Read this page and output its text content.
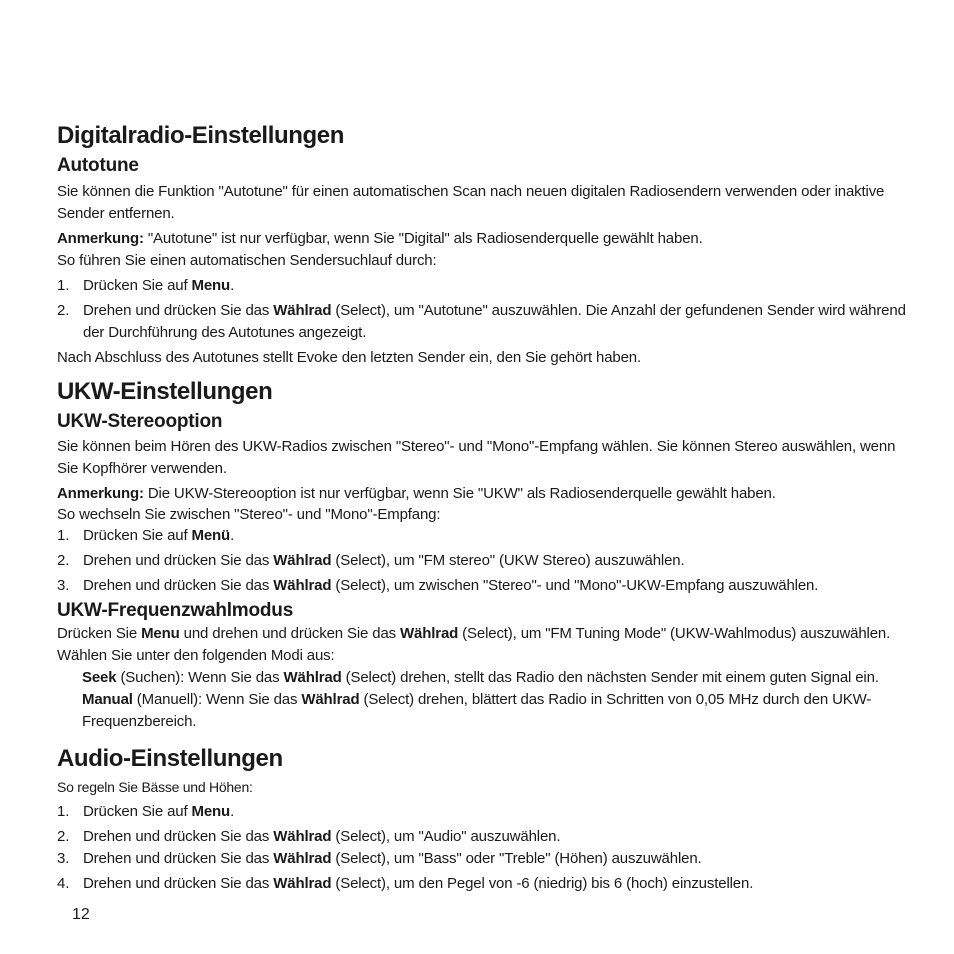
Digitalradio-Einstellungen
Autotune

Sie können die Funktion "Autotune" für einen automatischen Scan nach neuen digitalen Radiosendern verwenden oder inaktive Sender entfernen.

Anmerkung: "Autotune" ist nur verfügbar, wenn Sie "Digital" als Radiosenderquelle gewählt haben.

So führen Sie einen automatischen Sendersuchlauf durch:

1. Drücken Sie auf Menu.
2. Drehen und drücken Sie das Wählrad (Select), um "Autotune" auszuwählen. Die Anzahl der gefundenen Sender wird während der Durchführung des Autotunes angezeigt.

Nach Abschluss des Autotunes stellt Evoke den letzten Sender ein, den Sie gehört haben.

UKW-Einstellungen
UKW-Stereooption

Sie können beim Hören des UKW-Radios zwischen "Stereo"- und "Mono"-Empfang wählen. Sie können Stereo auswählen, wenn Sie Kopfhörer verwenden.

Anmerkung: Die UKW-Stereooption ist nur verfügbar, wenn Sie "UKW" als Radiosenderquelle gewählt haben.

So wechseln Sie zwischen "Stereo"- und "Mono"-Empfang:

1. Drücken Sie auf Menü.
2. Drehen und drücken Sie das Wählrad (Select), um "FM stereo" (UKW Stereo) auszuwählen.
3. Drehen und drücken Sie das Wählrad (Select), um zwischen "Stereo"- und "Mono"-UKW-Empfang auszuwählen.
UKW-Frequenzwahlmodus

Drücken Sie Menu und drehen und drücken Sie das Wählrad (Select), um "FM Tuning Mode" (UKW-Wahlmodus) auszuwählen. Wählen Sie unter den folgenden Modi aus:

Seek (Suchen): Wenn Sie das Wählrad (Select) drehen, stellt das Radio den nächsten Sender mit einem guten Signal ein.

Manual (Manuell): Wenn Sie das Wählrad (Select) drehen, blättert das Radio in Schritten von 0,05 MHz durch den UKW-Frequenzbereich.

Audio-Einstellungen

So regeln Sie Bässe und Höhen:

1. Drücken Sie auf Menu.
2. Drehen und drücken Sie das Wählrad (Select), um "Audio" auszuwählen.
3. Drehen und drücken Sie das Wählrad (Select), um "Bass" oder "Treble" (Höhen) auszuwählen.
4. Drehen und drücken Sie das Wählrad (Select), um den Pegel von -6 (niedrig) bis 6 (hoch) einzustellen.
12
